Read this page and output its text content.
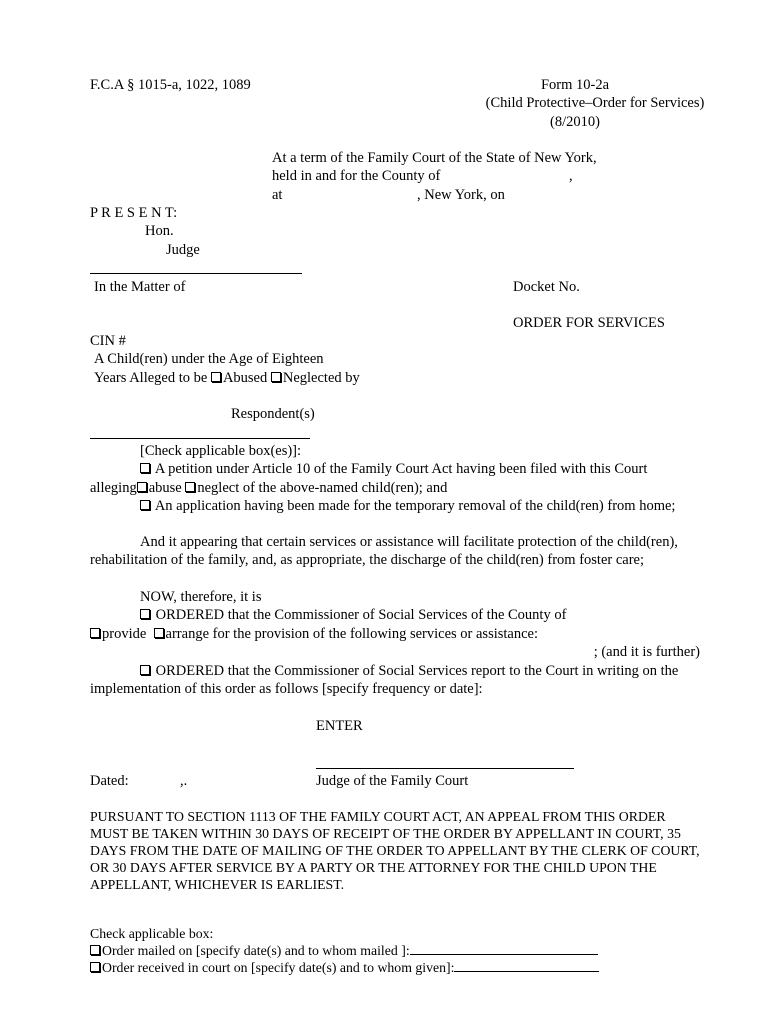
F.C.A § 1015-a, 1022, 1089	Form 10-2a
(Child Protective–Order for Services)
(8/2010)
At a term of the Family Court of the State of New York,
held in and for the County of	,
at	, New York, on
P R E S E N T:
Hon.
Judge
In the Matter of	Docket No.
ORDER FOR SERVICES
CIN #
A Child(ren) under the Age of Eighteen
Years Alleged to be Abused Neglected by
Respondent(s)
[Check applicable box(es)]:
A petition under Article 10 of the Family Court Act having been filed with this Court
alleging abuse neglect of the above-named child(ren); and
An application having been made for the temporary removal of the child(ren) from home;
And it appearing that certain services or assistance will facilitate protection of the child(ren),
rehabilitation of the family, and, as appropriate, the discharge of the child(ren) from foster care;
NOW, therefore, it is
ORDERED that the Commissioner of Social Services of the County of
provide arrange for the provision of the following services or assistance:
; (and it is further)
ORDERED that the Commissioner of Social Services report to the Court in writing on the
implementation of this order as follows [specify frequency or date]:
ENTER
Dated:	,.	Judge of the Family Court
PURSUANT TO SECTION 1113 OF THE FAMILY COURT ACT, AN APPEAL FROM THIS ORDER
MUST BE TAKEN WITHIN 30 DAYS OF RECEIPT OF THE ORDER BY APPELLANT IN COURT, 35
DAYS FROM THE DATE OF MAILING OF THE ORDER TO APPELLANT BY THE CLERK OF COURT,
OR 30 DAYS AFTER SERVICE BY A PARTY OR THE ATTORNEY FOR THE CHILD UPON THE
APPELLANT, WHICHEVER IS EARLIEST.
Check applicable box:
Order mailed on [specify date(s) and to whom mailed ]:
Order received in court on [specify date(s) and to whom given]:
